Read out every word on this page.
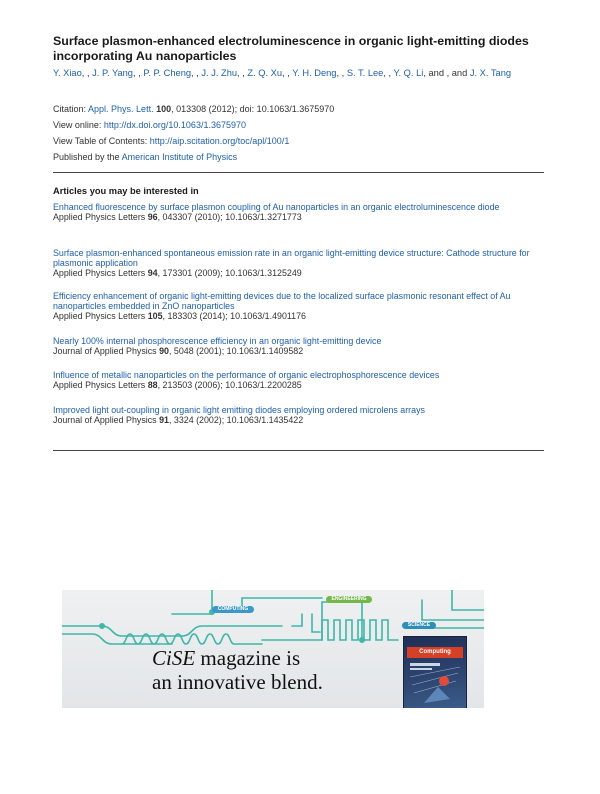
Surface plasmon-enhanced electroluminescence in organic light-emitting diodes incorporating Au nanoparticles
Y. Xiao, , J. P. Yang, , P. P. Cheng, , J. J. Zhu, , Z. Q. Xu, , Y. H. Deng, , S. T. Lee, , Y. Q. Li, and , and J. X. Tang
Citation: Appl. Phys. Lett. 100, 013308 (2012); doi: 10.1063/1.3675970
View online: http://dx.doi.org/10.1063/1.3675970
View Table of Contents: http://aip.scitation.org/toc/apl/100/1
Published by the American Institute of Physics
Articles you may be interested in
Enhanced fluorescence by surface plasmon coupling of Au nanoparticles in an organic electroluminescence diode
Applied Physics Letters 96, 043307 (2010); 10.1063/1.3271773
Surface plasmon-enhanced spontaneous emission rate in an organic light-emitting device structure: Cathode structure for plasmonic application
Applied Physics Letters 94, 173301 (2009); 10.1063/1.3125249
Efficiency enhancement of organic light-emitting devices due to the localized surface plasmonic resonant effect of Au nanoparticles embedded in ZnO nanoparticles
Applied Physics Letters 105, 183303 (2014); 10.1063/1.4901176
Nearly 100% internal phosphorescence efficiency in an organic light-emitting device
Journal of Applied Physics 90, 5048 (2001); 10.1063/1.1409582
Influence of metallic nanoparticles on the performance of organic electrophosphorescence devices
Applied Physics Letters 88, 213503 (2006); 10.1063/1.2200285
Improved light out-coupling in organic light emitting diodes employing ordered microlens arrays
Journal of Applied Physics 91, 3324 (2002); 10.1063/1.1435422
COMPUTING
ENGINEERING
SCIENCE
CiSE magazine is
an innovative blend.
Computing
